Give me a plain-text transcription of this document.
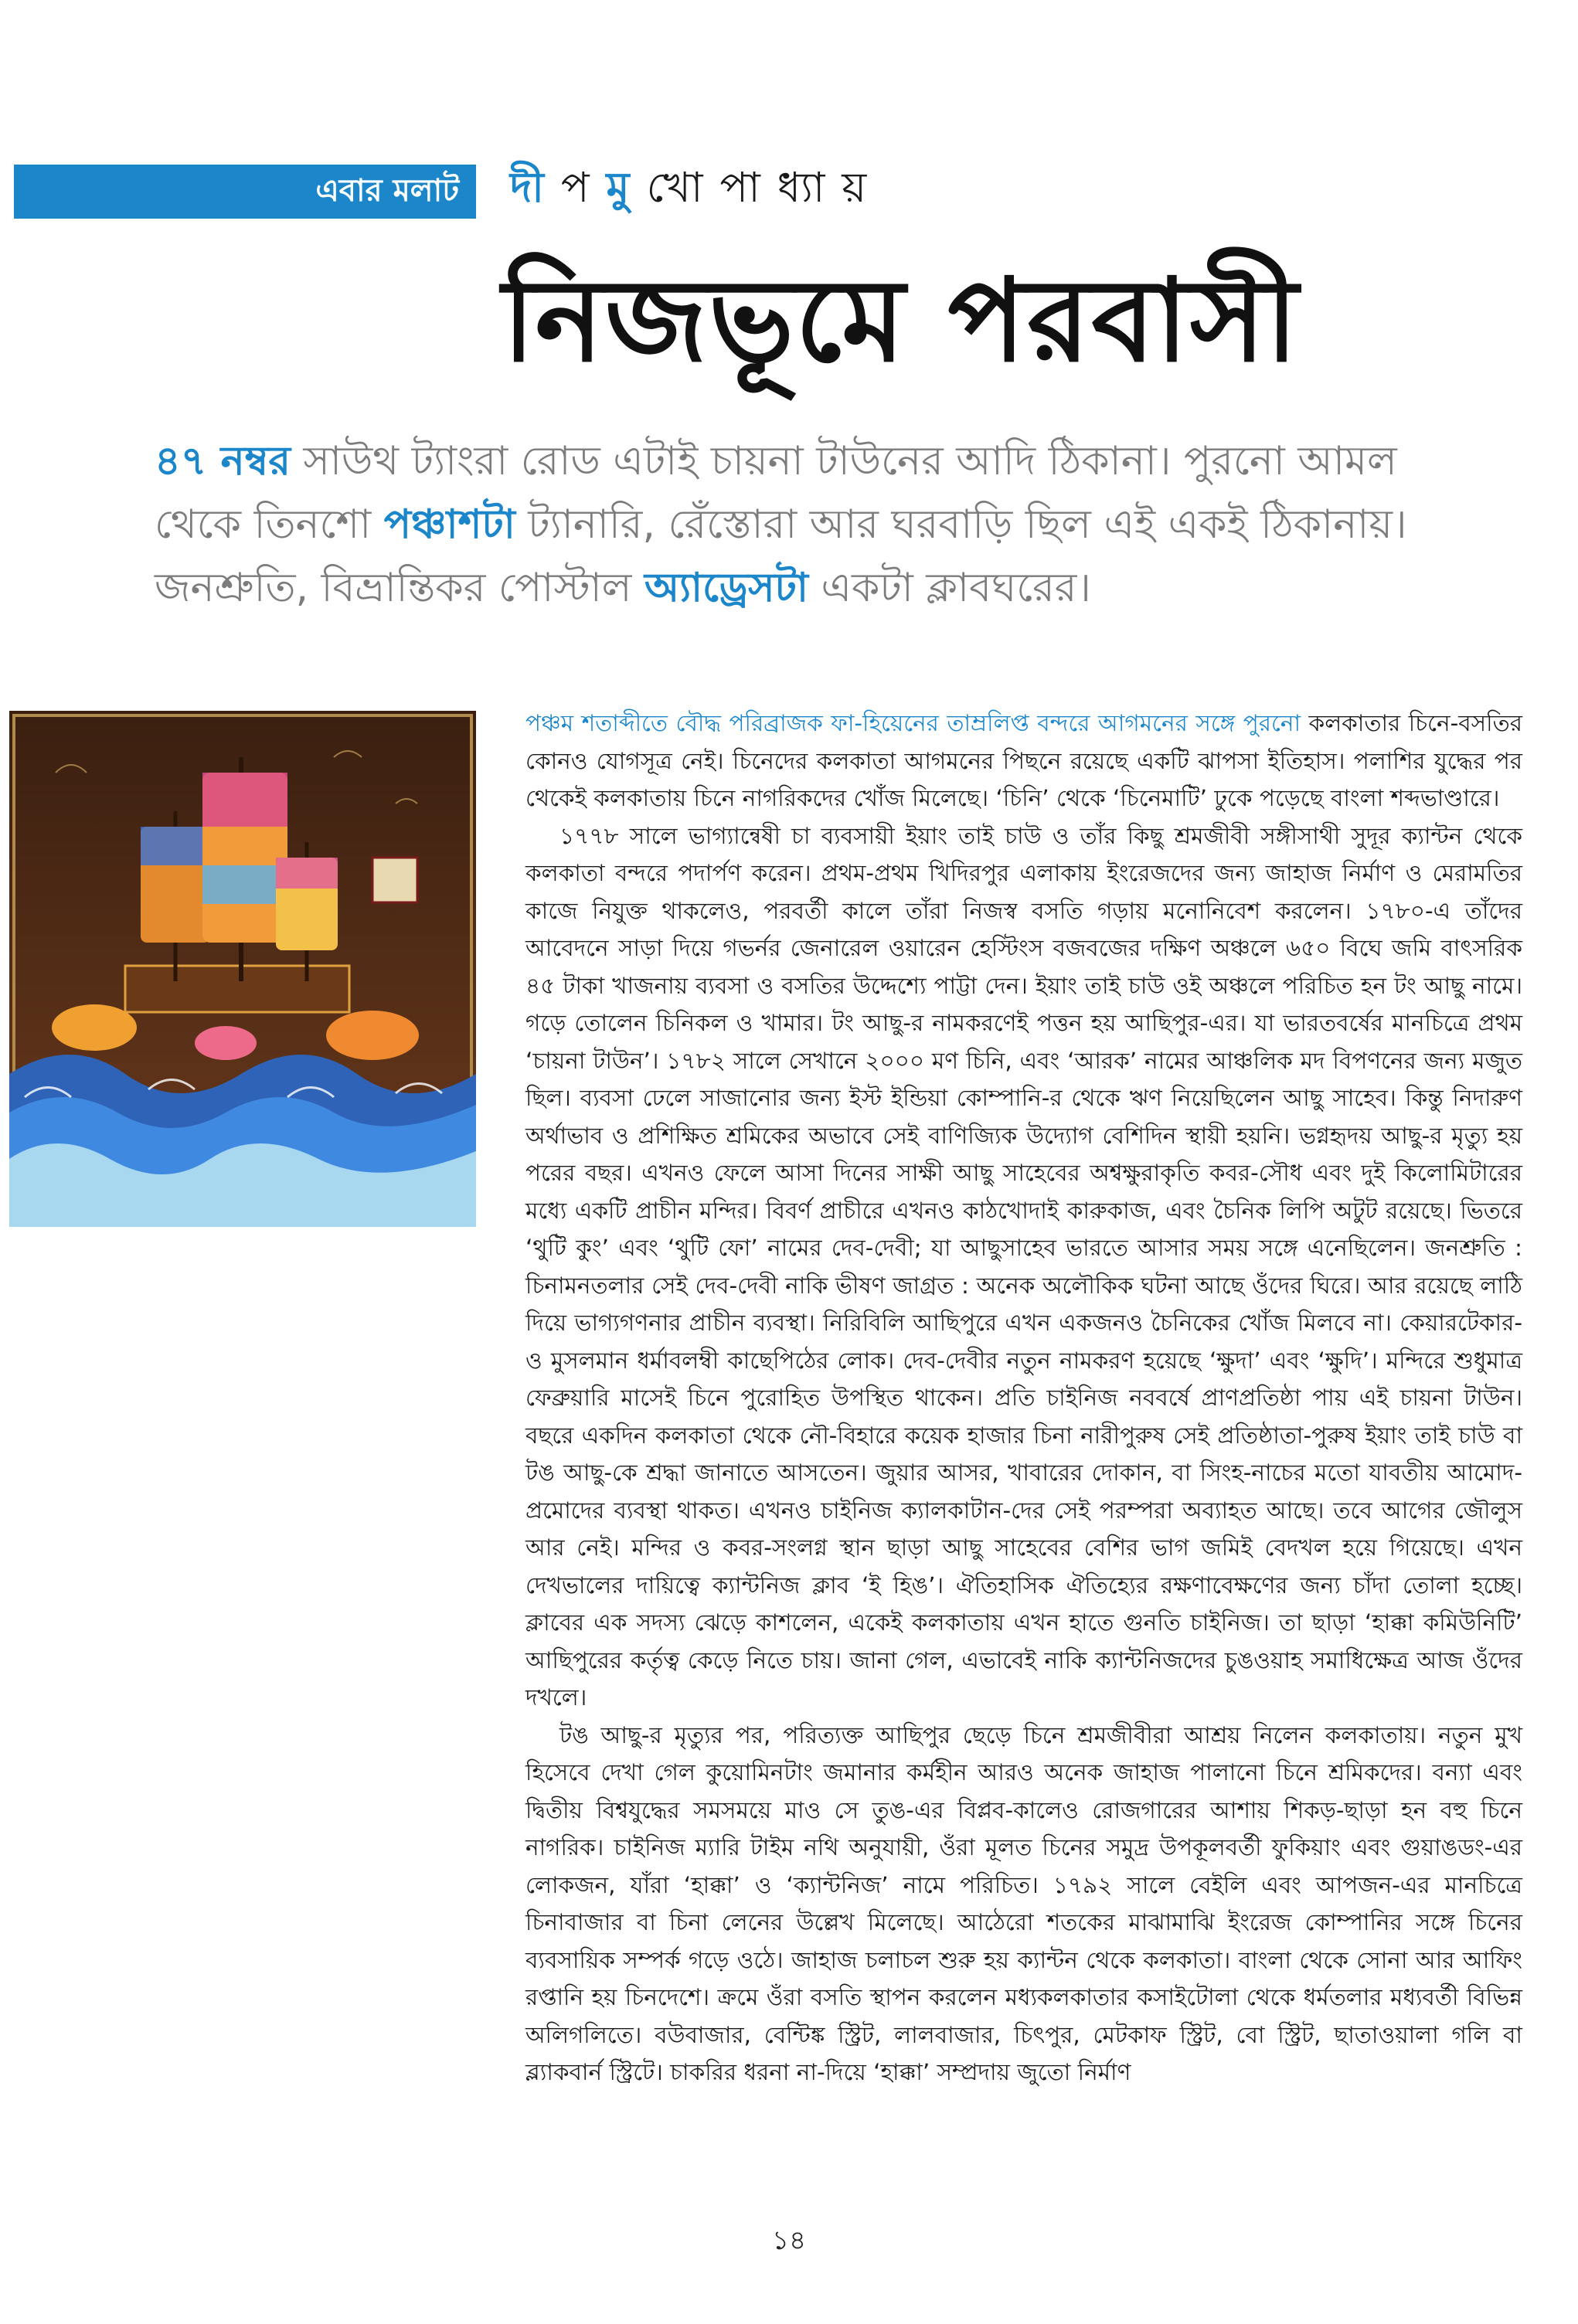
এবার মলাট	দী প মু খো পা ধ্যা য়
নিজভূমে পরবাসী
৪৭ নম্বর সাউথ ট্যাংরা রোড এটাই চায়না টাউনের আদি ঠিকানা। পুরনো আমল থেকে তিনশো পঞ্চাশটা ট্যানারি, রেঁস্তোরা আর ঘরবাড়ি ছিল এই একই ঠিকানায়। জনশ্রুতি, বিভ্রান্তিকর পোস্টাল অ্যাড্রেসটা একটা ক্লাবঘরের।

পঞ্চম শতাব্দীতে বৌদ্ধ পরিব্রাজক ফা-হিয়েনের তাম্রলিপ্ত বন্দরে আগমনের সঙ্গে পুরনো কলকাতার চিনে-বসতির কোনও যোগসূত্র নেই। চিনেদের কলকাতা আগমনের পিছনে রয়েছে একটি ঝাপসা ইতিহাস। পলাশির যুদ্ধের পর থেকেই কলকাতায় চিনে নাগরিকদের খোঁজ মিলেছে। ‘চিনি’ থেকে ‘চিনেমাটি’ ঢুকে পড়েছে বাংলা শব্দভাণ্ডারে।

১৭৭৮ সালে ভাগ্যান্বেষী চা ব্যবসায়ী ইয়াং তাই চাউ ও তাঁর কিছু শ্রমজীবী সঙ্গীসাথী সুদূর ক্যান্টন থেকে কলকাতা বন্দরে পদার্পণ করেন। প্রথম-প্রথম খিদিরপুর এলাকায় ইংরেজদের জন্য জাহাজ নির্মাণ ও মেরামতির কাজে নিযুক্ত থাকলেও, পরবর্তী কালে তাঁরা নিজস্ব বসতি গড়ায় মনোনিবেশ করলেন। ১৭৮০-এ তাঁদের আবেদনে সাড়া দিয়ে গভর্নর জেনারেল ওয়ারেন হেস্টিংস বজবজের দক্ষিণ অঞ্চলে ৬৫০ বিঘে জমি বাৎসরিক ৪৫ টাকা খাজনায় ব্যবসা ও বসতির উদ্দেশ্যে পাট্টা দেন। ইয়াং তাই চাউ ওই অঞ্চলে পরিচিত হন টং আছু নামে। গড়ে তোলেন চিনিকল ও খামার। টং আছু-র নামকরণেই পত্তন হয় আছিপুর-এর। যা ভারতবর্ষের মানচিত্রে প্রথম ‘চায়না টাউন’। ১৭৮২ সালে সেখানে ২০০০ মণ চিনি, এবং ‘আরক’ নামের আঞ্চলিক মদ বিপণনের জন্য মজুত ছিল। ব্যবসা ঢেলে সাজানোর জন্য ইস্ট ইন্ডিয়া কোম্পানি-র থেকে ঋণ নিয়েছিলেন আছু সাহেব। কিন্তু নিদারুণ অর্থাভাব ও প্রশিক্ষিত শ্রমিকের অভাবে সেই বাণিজ্যিক উদ্যোগ বেশিদিন স্থায়ী হয়নি। ভগ্নহৃদয় আছু-র মৃত্যু হয় পরের বছর। এখনও ফেলে আসা দিনের সাক্ষী আছু সাহেবের অশ্বক্ষুরাকৃতি কবর-সৌধ এবং দুই কিলোমিটারের মধ্যে একটি প্রাচীন মন্দির। বিবর্ণ প্রাচীরে এখনও কাঠখোদাই কারুকাজ, এবং চৈনিক লিপি অটুট রয়েছে। ভিতরে ‘থুটি কুং’ এবং ‘থুটি ফো’ নামের দেব-দেবী; যা আছুসাহেব ভারতে আসার সময় সঙ্গে এনেছিলেন। জনশ্রুতি : চিনামনতলার সেই দেব-দেবী নাকি ভীষণ জাগ্রত : অনেক অলৌকিক ঘটনা আছে ওঁদের ঘিরে। আর রয়েছে লাঠি দিয়ে ভাগ্যগণনার প্রাচীন ব্যবস্থা। নিরিবিলি আছিপুরে এখন একজনও চৈনিকের খোঁজ মিলবে না। কেয়ারটেকার-ও মুসলমান ধর্মাবলম্বী কাছেপিঠের লোক। দেব-দেবীর নতুন নামকরণ হয়েছে ‘ক্ষুদা’ এবং ‘ক্ষুদি’। মন্দিরে শুধুমাত্র ফেব্রুয়ারি মাসেই চিনে পুরোহিত উপস্থিত থাকেন। প্রতি চাইনিজ নববর্ষে প্রাণপ্রতিষ্ঠা পায় এই চায়না টাউন। বছরে একদিন কলকাতা থেকে নৌ-বিহারে কয়েক হাজার চিনা নারীপুরুষ সেই প্রতিষ্ঠাতা-পুরুষ ইয়াং তাই চাউ বা টঙ আছু-কে শ্রদ্ধা জানাতে আসতেন। জুয়ার আসর, খাবারের দোকান, বা সিংহ-নাচের মতো যাবতীয় আমোদ-প্রমোদের ব্যবস্থা থাকত। এখনও চাইনিজ ক্যালকাটান-দের সেই পরম্পরা অব্যাহত আছে। তবে আগের জৌলুস আর নেই। মন্দির ও কবর-সংলগ্ন স্থান ছাড়া আছু সাহেবের বেশির ভাগ জমিই বেদখল হয়ে গিয়েছে। এখন দেখভালের দায়িত্বে ক্যান্টনিজ ক্লাব ‘ই হিঙ’। ঐতিহাসিক ঐতিহ্যের রক্ষণাবেক্ষণের জন্য চাঁদা তোলা হচ্ছে। ক্লাবের এক সদস্য ঝেড়ে কাশলেন, একেই কলকাতায় এখন হাতে গুনতি চাইনিজ। তা ছাড়া ‘হাক্কা কমিউনিটি’ আছিপুরের কর্তৃত্ব কেড়ে নিতে চায়। জানা গেল, এভাবেই নাকি ক্যান্টনিজদের চুঙওয়াহ সমাধিক্ষেত্র আজ ওঁদের দখলে।

টঙ আছু-র মৃত্যুর পর, পরিত্যক্ত আছিপুর ছেড়ে চিনে শ্রমজীবীরা আশ্রয় নিলেন কলকাতায়। নতুন মুখ হিসেবে দেখা গেল কুয়োমিনটাং জমানার কর্মহীন আরও অনেক জাহাজ পালানো চিনে শ্রমিকদের। বন্যা এবং দ্বিতীয় বিশ্বযুদ্ধের সমসময়ে মাও সে তুঙ-এর বিপ্লব-কালেও রোজগারের আশায় শিকড়-ছাড়া হন বহু চিনে নাগরিক। চাইনিজ ম্যারি টাইম নথি অনুযায়ী, ওঁরা মূলত চিনের সমুদ্র উপকূলবর্তী ফুকিয়াং এবং গুয়াঙডং-এর লোকজন, যাঁরা ‘হাক্কা’ ও ‘ক্যান্টনিজ’ নামে পরিচিত। ১৭৯২ সালে বেইলি এবং আপজন-এর মানচিত্রে চিনাবাজার বা চিনা লেনের উল্লেখ মিলেছে। আঠেরো শতকের মাঝামাঝি ইংরেজ কোম্পানির সঙ্গে চিনের ব্যবসায়িক সম্পর্ক গড়ে ওঠে। জাহাজ চলাচল শুরু হয় ক্যান্টন থেকে কলকাতা। বাংলা থেকে সোনা আর আফিং রপ্তানি হয় চিনদেশে। ক্রমে ওঁরা বসতি স্থাপন করলেন মধ্যকলকাতার কসাইটোলা থেকে ধর্মতলার মধ্যবর্তী বিভিন্ন অলিগলিতে। বউবাজার, বেন্টিঙ্ক স্ট্রিট, লালবাজার, চিৎপুর, মেটকাফ স্ট্রিট, বো স্ট্রিট, ছাতাওয়ালা গলি বা ব্ল্যাকবার্ন স্ট্রিটে। চাকরির ধরনা না-দিয়ে ‘হাক্কা’ সম্প্রদায় জুতো নির্মাণ

১৪
